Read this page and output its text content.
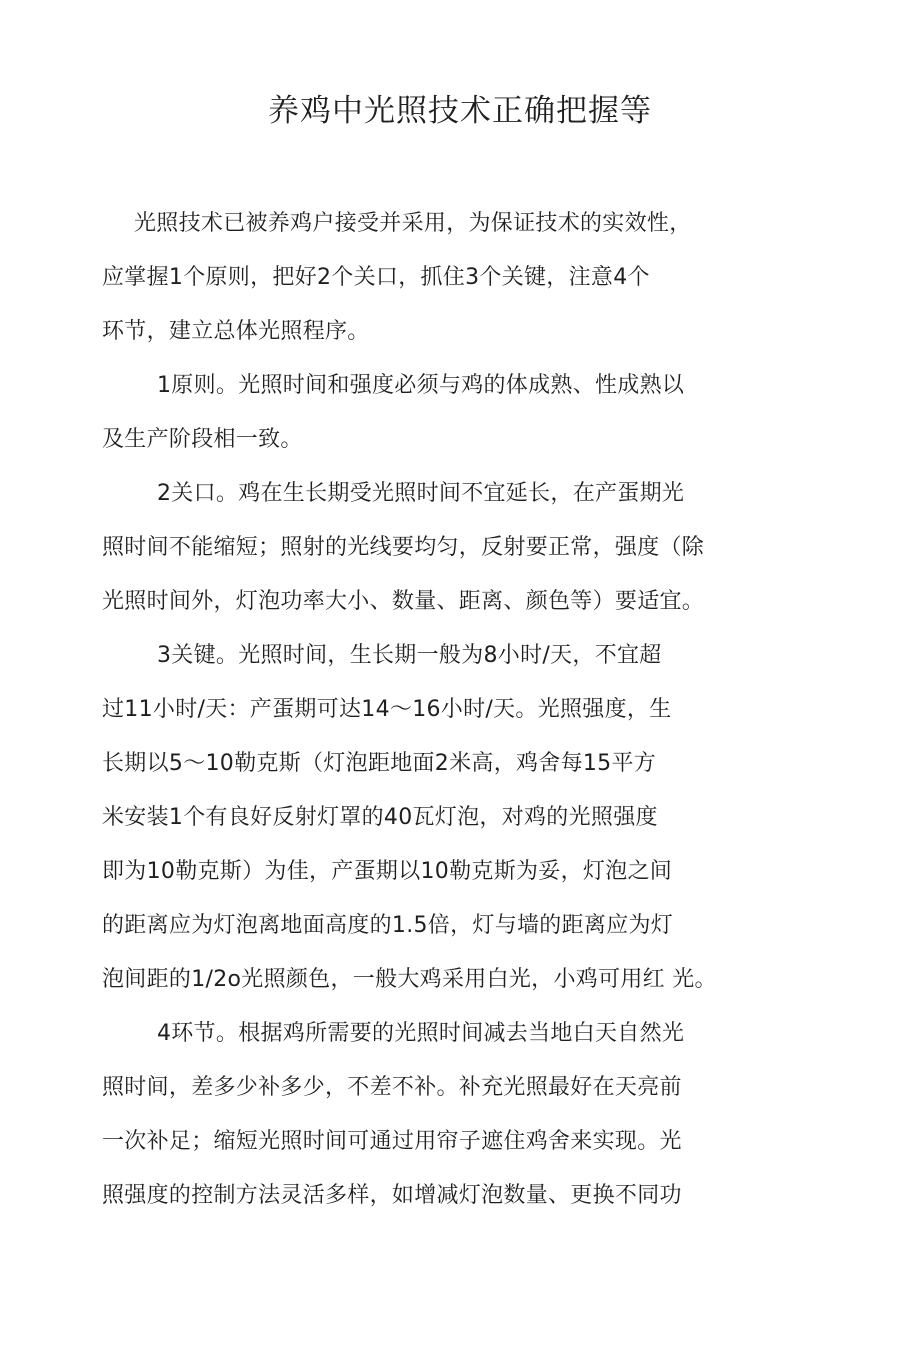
养鸡中光照技术正确把握等
光照技术已被养鸡户接受并采用，为保证技术的实效性，
应掌握1个原则，把好2个关口，抓住3个关键，注意4个
环节，建立总体光照程序。
1原则。光照时间和强度必须与鸡的体成熟、性成熟以
及生产阶段相一致。
2关口。鸡在生长期受光照时间不宜延长，在产蛋期光
照时间不能缩短；照射的光线要均匀，反射要正常，强度（除
光照时间外，灯泡功率大小、数量、距离、颜色等）要适宜。
3关键。光照时间，生长期一般为8小时/天，不宜超
过11小时/天：产蛋期可达14～16小时/天。光照强度，生
长期以5～10勒克斯（灯泡距地面2米高，鸡舍每15平方
米安装1个有良好反射灯罩的40瓦灯泡，对鸡的光照强度
即为10勒克斯）为佳，产蛋期以10勒克斯为妥，灯泡之间
的距离应为灯泡离地面高度的1.5倍，灯与墙的距离应为灯
泡间距的1/2o光照颜色，一般大鸡采用白光，小鸡可用红 光。
4环节。根据鸡所需要的光照时间减去当地白天自然光
照时间，差多少补多少，不差不补。补充光照最好在天亮前
一次补足；缩短光照时间可通过用帘子遮住鸡舍来实现。光
照强度的控制方法灵活多样，如增减灯泡数量、更换不同功
